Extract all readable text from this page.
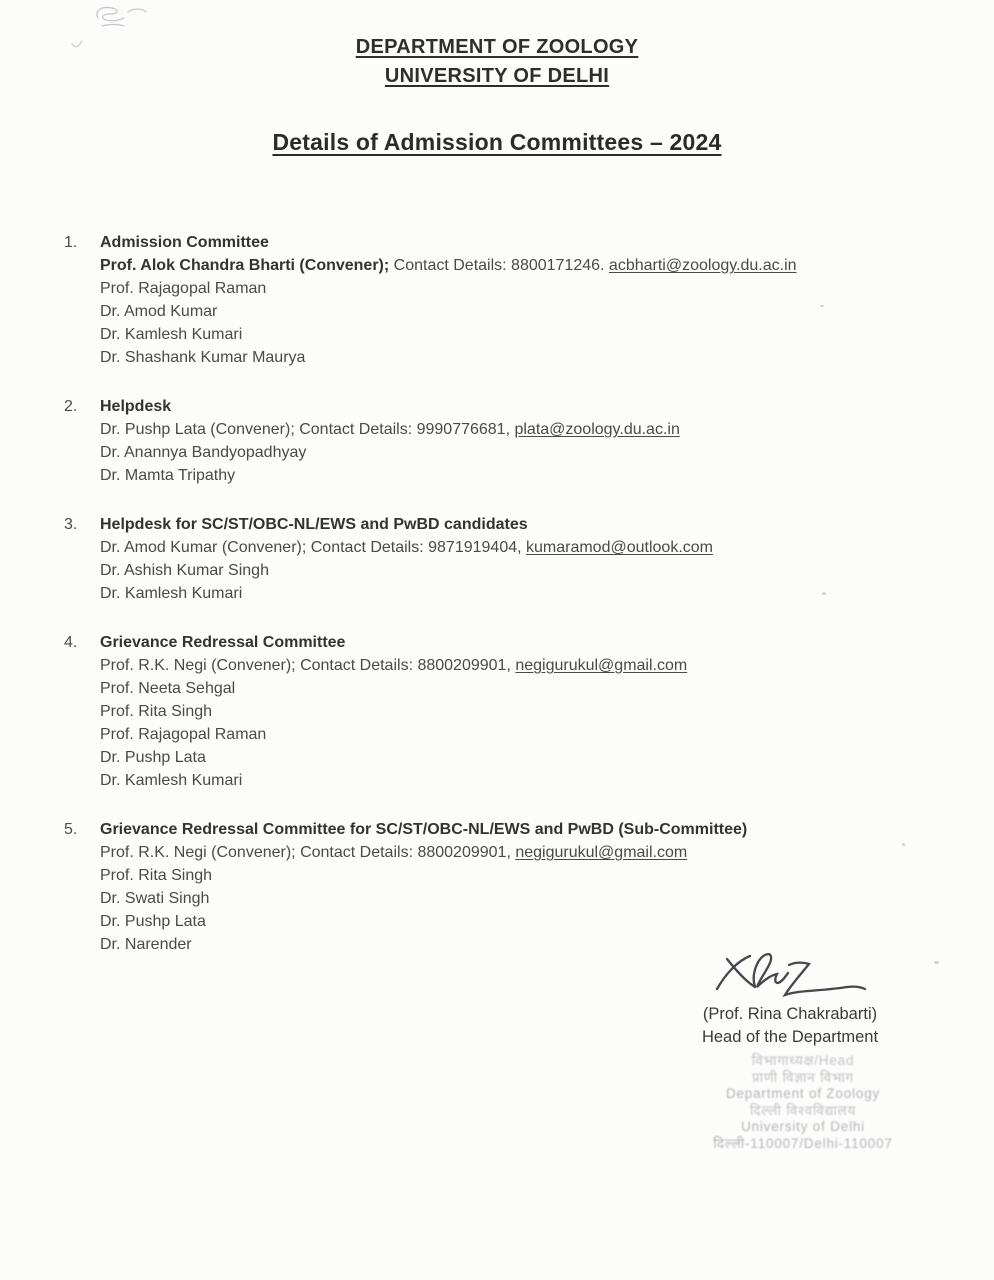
DEPARTMENT OF ZOOLOGY
UNIVERSITY OF DELHI
Details of Admission Committees – 2024
1. Admission Committee
Prof. Alok Chandra Bharti (Convener); Contact Details: 8800171246. acbharti@zoology.du.ac.in
Prof. Rajagopal Raman
Dr. Amod Kumar
Dr. Kamlesh Kumari
Dr. Shashank Kumar Maurya
2. Helpdesk
Dr. Pushp Lata (Convener); Contact Details: 9990776681, plata@zoology.du.ac.in
Dr. Anannya Bandyopadhyay
Dr. Mamta Tripathy
3. Helpdesk for SC/ST/OBC-NL/EWS and PwBD candidates
Dr. Amod Kumar (Convener); Contact Details: 9871919404, kumaramod@outlook.com
Dr. Ashish Kumar Singh
Dr. Kamlesh Kumari
4. Grievance Redressal Committee
Prof. R.K. Negi (Convener); Contact Details: 8800209901, negigurukul@gmail.com
Prof. Neeta Sehgal
Prof. Rita Singh
Prof. Rajagopal Raman
Dr. Pushp Lata
Dr. Kamlesh Kumari
5. Grievance Redressal Committee for SC/ST/OBC-NL/EWS and PwBD (Sub-Committee)
Prof. R.K. Negi (Convener); Contact Details: 8800209901, negigurukul@gmail.com
Prof. Rita Singh
Dr. Swati Singh
Dr. Pushp Lata
Dr. Narender
(Prof. Rina Chakrabarti)
Head of the Department
विभागाध्यक्ष/Head
प्राणी विज्ञान विभाग
Department of Zoology
दिल्ली विश्वविद्यालय
University of Delhi
दिल्ली-110007/Delhi-110007
